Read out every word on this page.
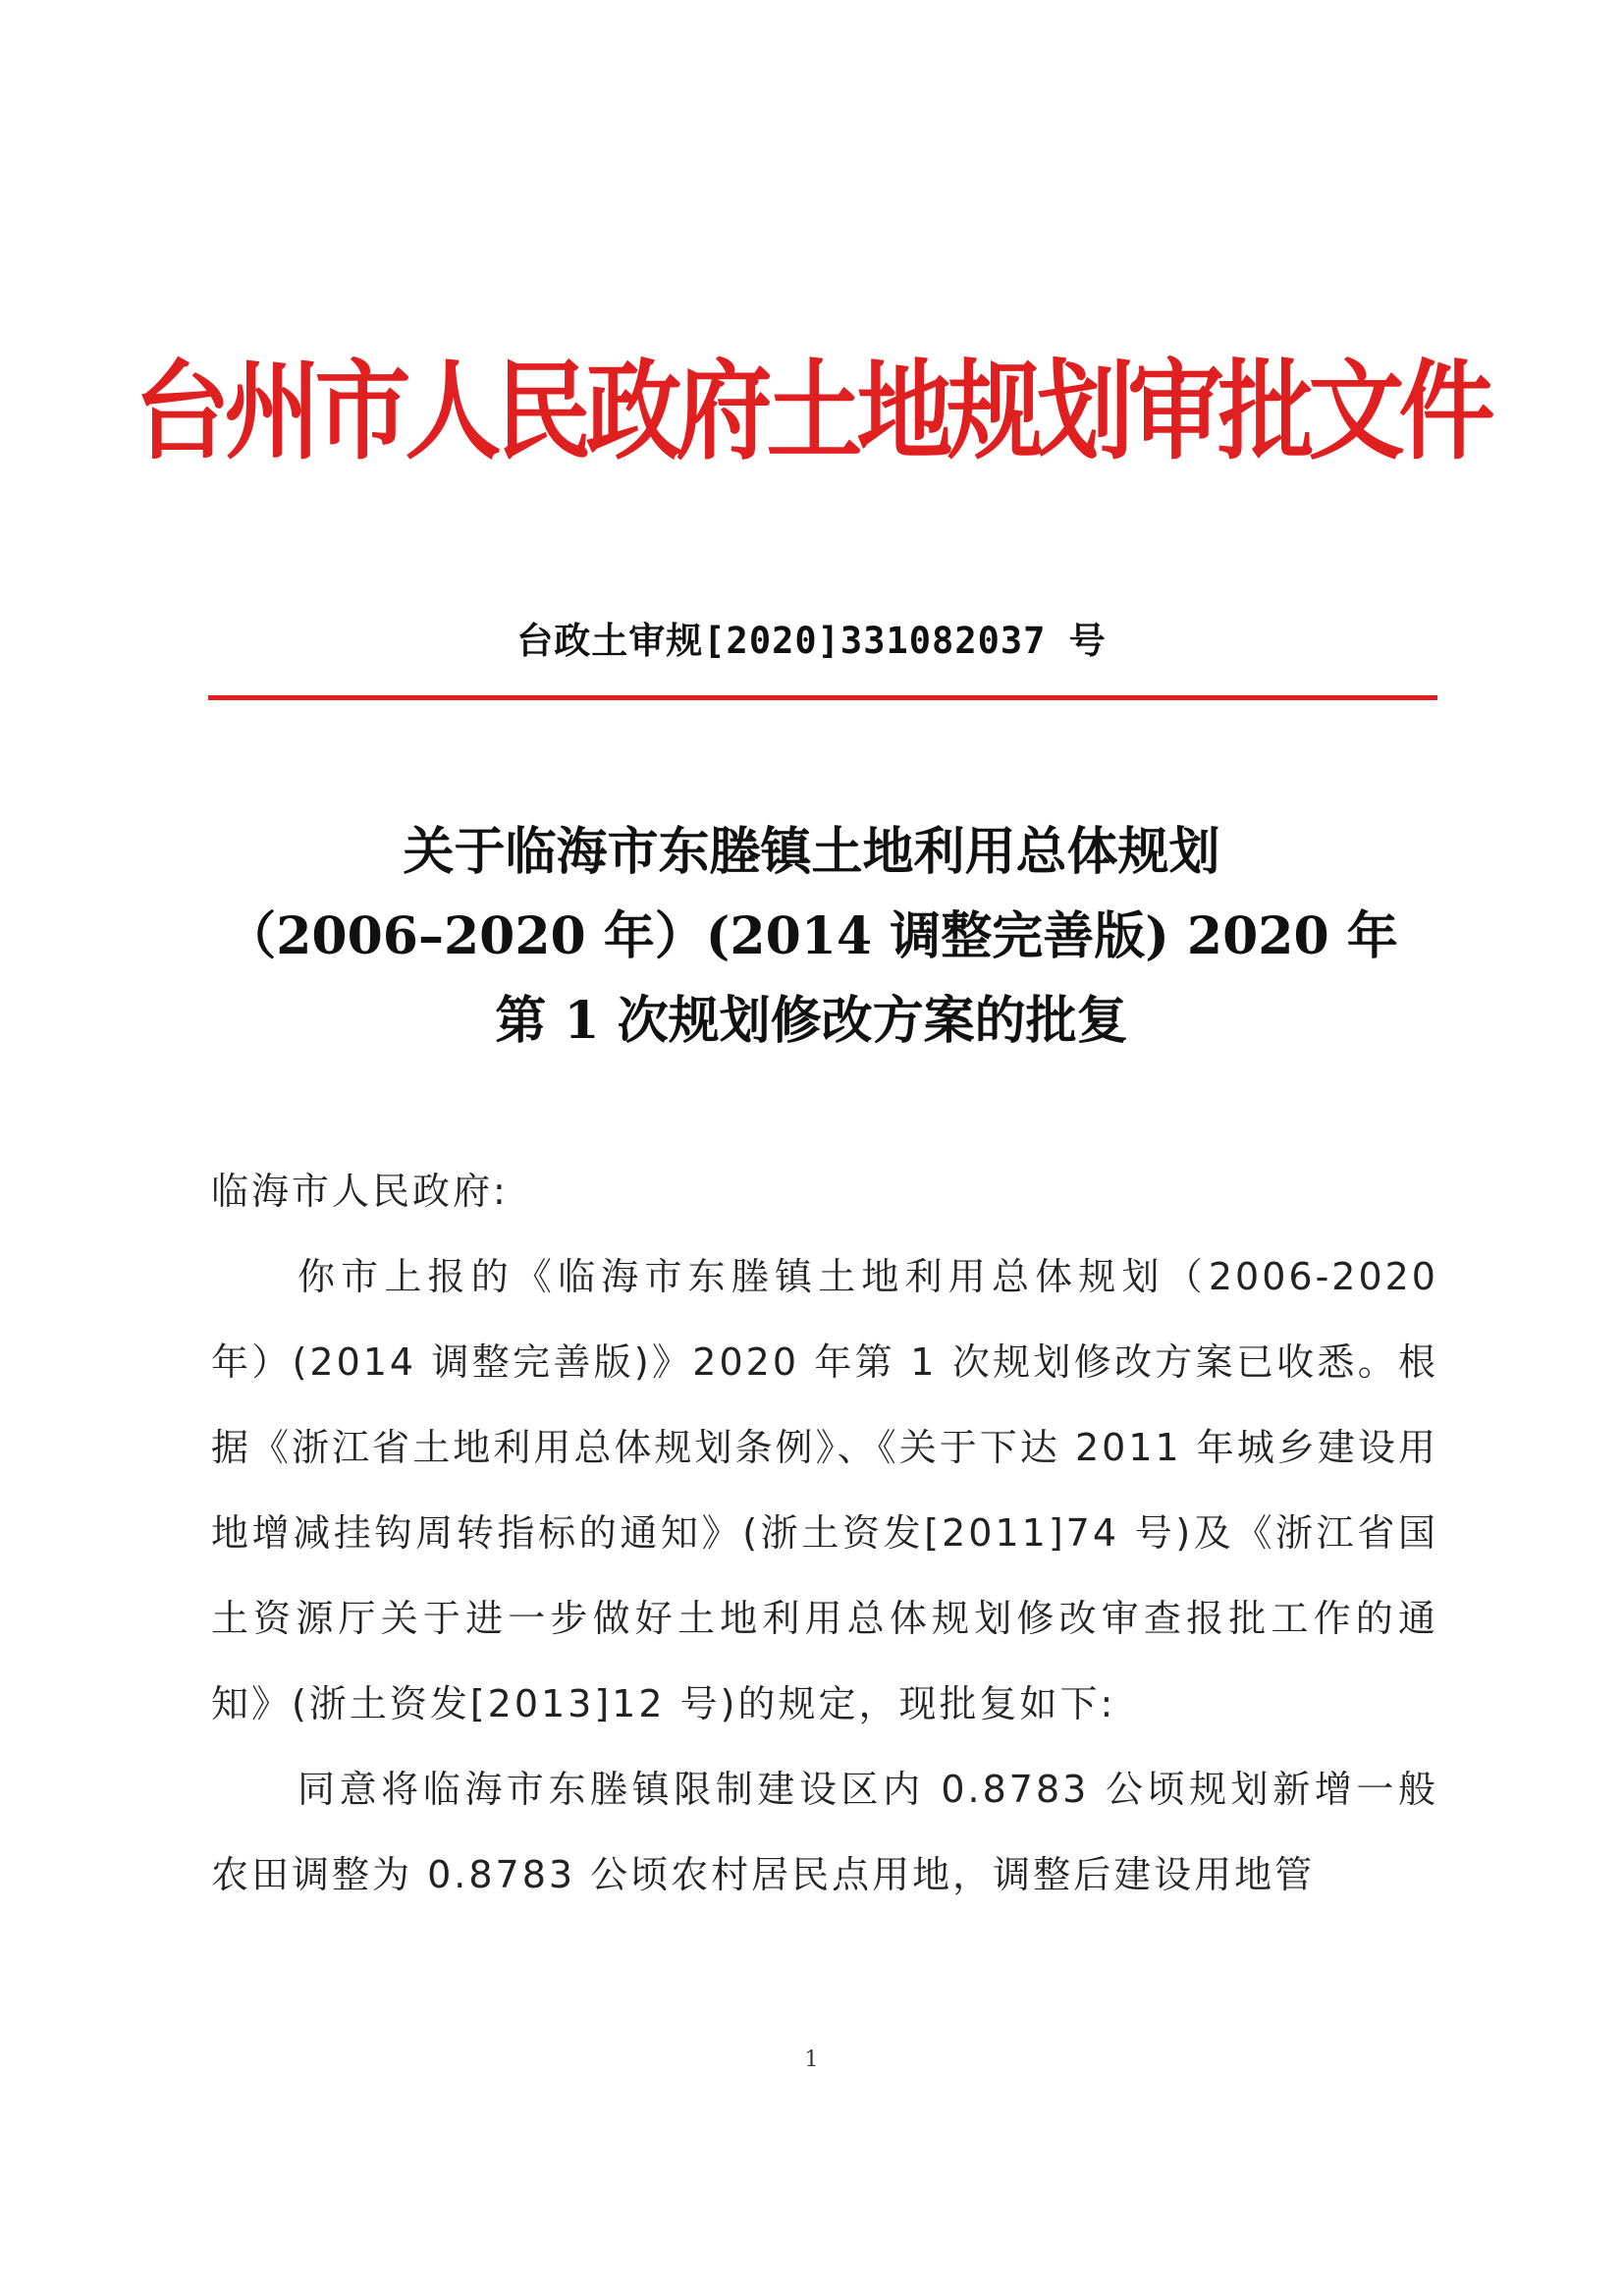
台州市人民政府土地规划审批文件
台政土审规[2020]331082037 号
关于临海市东塍镇土地利用总体规划
（2006–2020 年）(2014 调整完善版) 2020 年
第 1 次规划修改方案的批复
临海市人民政府:
你市上报的《临海市东塍镇土地利用总体规划（2006-2020 年）(2014 调整完善版)》2020 年第 1 次规划修改方案已收悉。根据《浙江省土地利用总体规划条例》、《关于下达 2011 年城乡建设用地增减挂钩周转指标的通知》(浙土资发[2011]74 号)及《浙江省国土资源厅关于进一步做好土地利用总体规划修改审查报批工作的通知》(浙土资发[2013]12 号)的规定，现批复如下:
同意将临海市东塍镇限制建设区内 0.8783 公顷规划新增一般农田调整为 0.8783 公顷农村居民点用地，调整后建设用地管
1
